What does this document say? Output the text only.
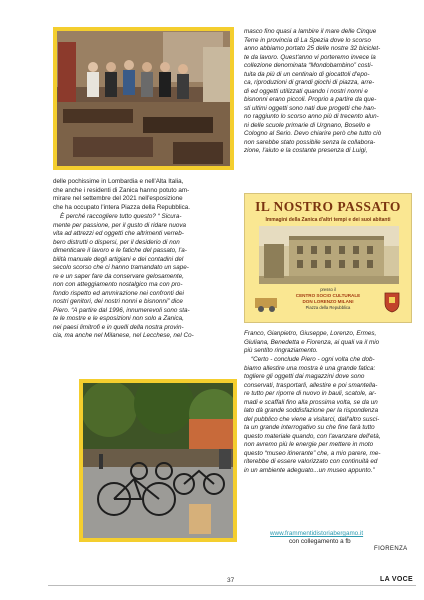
masco fino quasi a lambire il mare delle Cinque

Terre in provincia di La Spezia dove lo scorso

anno abbiamo portato 25 delle nostre 32 biciclet-

te da lavoro. Quest'anno vi porteremo invece la

collezione denominata “Mondobambino” costi-

tuita da più di un centinaio di giocattoli d'epo-

ca, riproduzioni di grandi giochi di piazza, arre-

di ed oggetti utilizzati quando i nostri nonni e

bisnonni erano piccoli. Proprio a partire da que-

sti ultimi oggetti sono nati due progetti che han-

no raggiunto lo scorso anno più di trecento alun-

ni delle scuole primarie di Urgnano, Bosello e

Cologno al Serio. Devo chiarire però che tutto ciò

non sarebbe stato possibile senza la collabora-

zione, l'aiuto e la costante presenza di Luigi,

delle pochissime in Lombardia e nell'Alta Italia,

che anche i residenti di Zanica hanno potuto am-

mirare nel settembre del 2021 nell'esposizione

che ha occupato l'intera Piazza della Repubblica.

È perché raccogliere tutto questo? “ Sicura-

mente per passione, per il gusto di ridare nuova

vita ad attrezzi ed oggetti che altrimenti verreb-

bero distrutti o dispersi, per il desiderio di non

dimenticare il lavoro e le fatiche del passato, l'a-

bilità manuale degli artigiani e dei contadini del

secolo scorso che ci hanno tramandato un sape-

re e un saper fare da conservare gelosamente,

non con atteggiamento nostalgico ma con pro-

fondo rispetto ed ammirazione nei confronti dei

nostri genitori, dei nostri nonni e bisnonni” dice

Piero. “A partire dal 1996, innumerevoli sono sta-

te le mostre e le esposizioni non solo a Zanica,

nei paesi limitrofi e in quelli della nostra provin-

cia, ma anche nel Milanese, nel Lecchese, nel Co-

IL NOSTRO PASSATO
Immagini della Zanica d'altri tempi e dei suoi abitanti
presso il
CENTRO SOCIO CULTURALE
DON LORENZO MILANI
Piazza della Repubblica

Franco, Gianpietro, Giuseppe, Lorenzo, Ermes,

Giuliana, Benedetta e Fiorenza, ai quali va il mio

più sentito ringraziamento.

“Certo - conclude Piero - ogni volta che dob-

biamo allestire una mostra è una grande fatica:

togliere gli oggetti dai magazzini dove sono

conservati, trasportarli, allestire e poi smantella-

re tutto per riporre di nuovo in bauli, scatole, ar-

madi e scaffali fino alla prossima volta, se da un

lato dà grande soddisfazione per la rispondenza

del pubblico che viene a visitarci, dall'altro susci-

ta un grande interrogativo su che fine farà tutto

questo materiale quando, con l'avanzare dell'età,

non avremo più le energie per mettere in moto

questo “museo itinerante” che, a mio parere, me-

riterebbe di essere valorizzato con continuità ed

in un ambiente adeguato...un museo appunto.”

www.frammentidistoriabergamo.it
con collegamento a fb
FIORENZA
37	LA VOCE
